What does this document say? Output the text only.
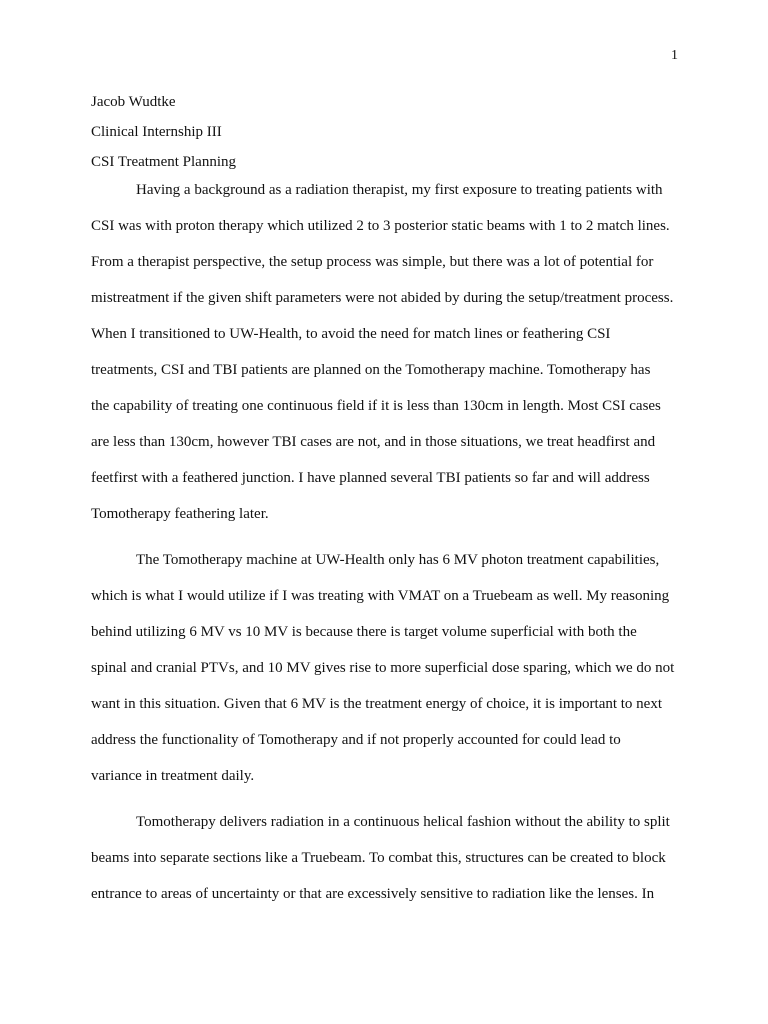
1
Jacob Wudtke
Clinical Internship III
CSI Treatment Planning
Having a background as a radiation therapist, my first exposure to treating patients with
CSI was with proton therapy which utilized 2 to 3 posterior static beams with 1 to 2 match lines.
From a therapist perspective, the setup process was simple, but there was a lot of potential for
mistreatment if the given shift parameters were not abided by during the setup/treatment process.
When I transitioned to UW-Health, to avoid the need for match lines or feathering CSI
treatments, CSI and TBI patients are planned on the Tomotherapy machine. Tomotherapy has
the capability of treating one continuous field if it is less than 130cm in length. Most CSI cases
are less than 130cm, however TBI cases are not, and in those situations, we treat headfirst and
feetfirst with a feathered junction. I have planned several TBI patients so far and will address
Tomotherapy feathering later.
The Tomotherapy machine at UW-Health only has 6 MV photon treatment capabilities,
which is what I would utilize if I was treating with VMAT on a Truebeam as well. My reasoning
behind utilizing 6 MV vs 10 MV is because there is target volume superficial with both the
spinal and cranial PTVs, and 10 MV gives rise to more superficial dose sparing, which we do not
want in this situation. Given that 6 MV is the treatment energy of choice, it is important to next
address the functionality of Tomotherapy and if not properly accounted for could lead to
variance in treatment daily.
Tomotherapy delivers radiation in a continuous helical fashion without the ability to split
beams into separate sections like a Truebeam. To combat this, structures can be created to block
entrance to areas of uncertainty or that are excessively sensitive to radiation like the lenses. In
